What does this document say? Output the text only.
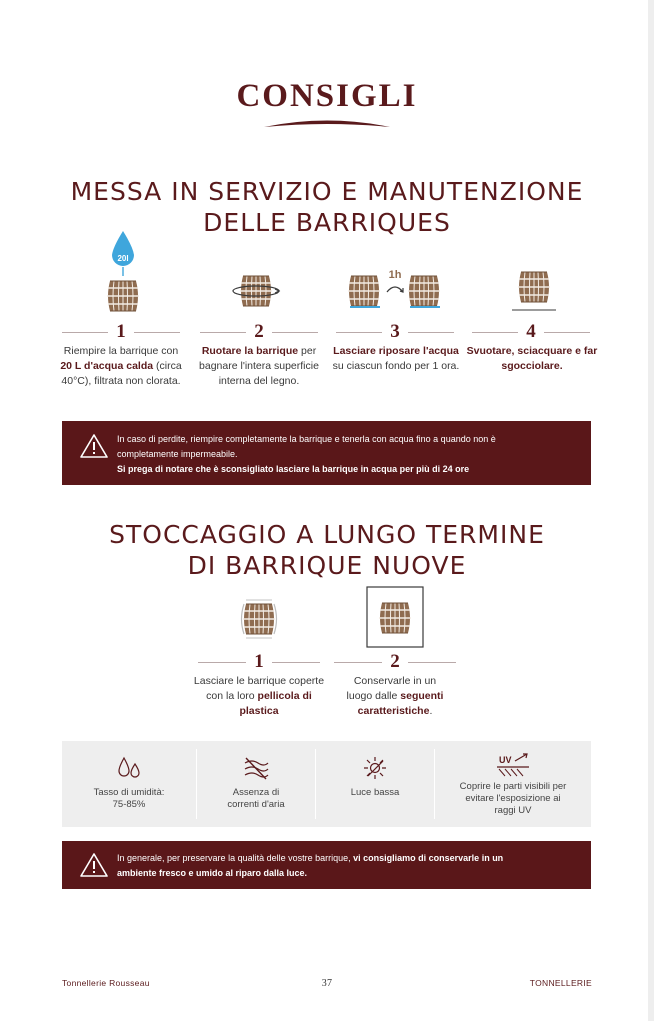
CONSIGLI
MESSA IN SERVIZIO E MANUTENZIONE
DELLE BARRIQUES
20l
1h
1	2	3	4
Riempire la barrique con
20 L d'acqua calda (circa
40°C), filtrata non clorata.
Ruotare la barrique per
bagnare l'intera superficie
interna del legno.
Lasciare riposare l'acqua
su ciascun fondo per 1 ora.
Svuotare, sciacquare e far
sgocciolare.
In caso di perdite, riempire completamente la barrique e tenerla con acqua fino a quando non è
completamente impermeabile.
Si prega di notare che è sconsigliato lasciare la barrique in acqua per più di 24 ore
STOCCAGGIO A LUNGO TERMINE
DI BARRIQUE NUOVE
1	2
Lasciare le barrique coperte
con la loro pellicola di
plastica
Conservarle in un
luogo dalle seguenti
caratteristiche.
Tasso di umidità:
75-85%
Assenza di
correnti d'aria
Luce bassa
UV
Coprire le parti visibili per
evitare l'esposizione ai
raggi UV
In generale, per preservare la qualità delle vostre barrique, vi consigliamo di conservarle in un
ambiente fresco e umido al riparo dalla luce.
Tonnellerie Rousseau	37	TONNELLERIE
